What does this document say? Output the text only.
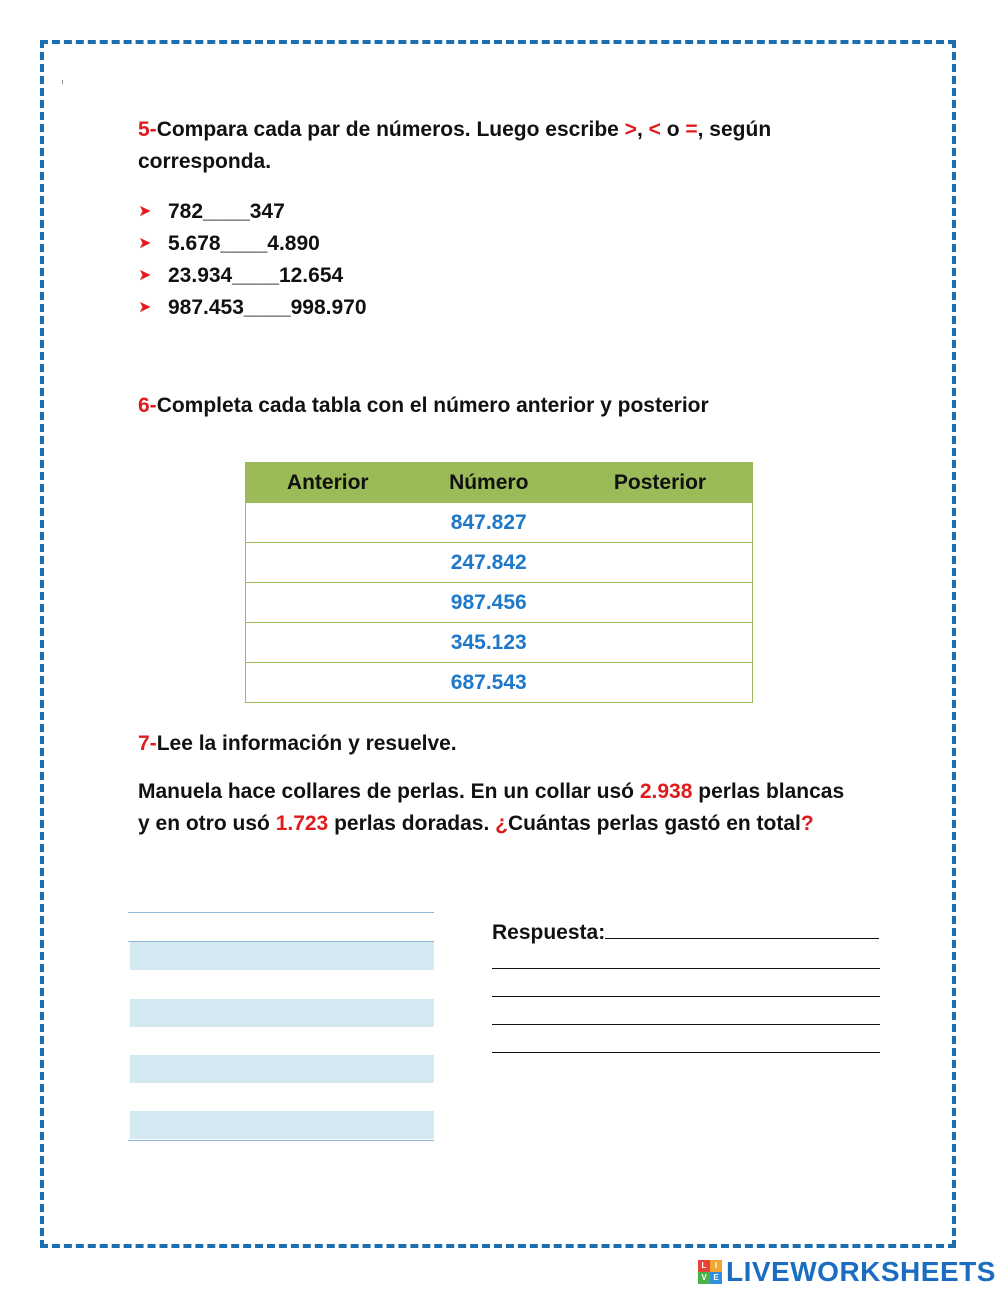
5-Compara cada par de números. Luego escribe >, < o =, según corresponda.
➤ 782____347
➤ 5.678____4.890
➤ 23.934____12.654
➤ 987.453____998.970
6-Completa cada tabla con el número anterior y posterior
Anterior	Número	Posterior
	847.827	
	247.842	
	987.456	
	345.123	
	687.543	
7-Lee la información y resuelve.
Manuela hace collares de perlas. En un collar usó 2.938 perlas blancas y en otro usó 1.723 perlas doradas. ¿Cuántas perlas gastó en total?
Respuesta:
L	I
V E LIVEWORKSHEETS
